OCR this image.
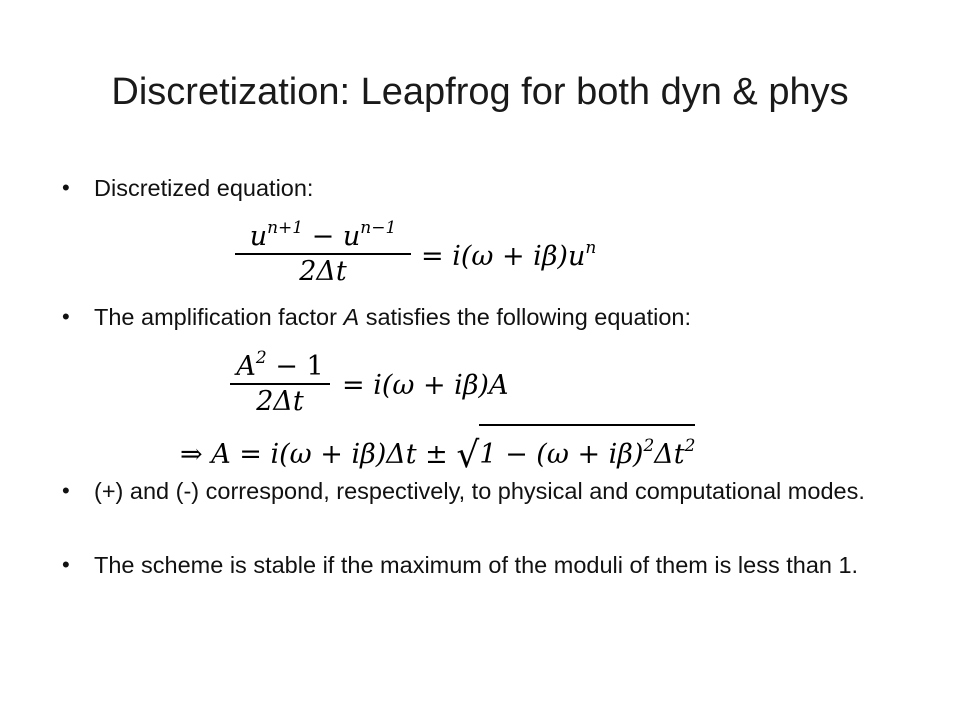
Discretization: Leapfrog for both dyn & phys
•	Discretized equation:
$u^{n+1} - u^{n-1}$
2Δt	= $i(\omega + i\beta)u^n$
•	The amplification factor A satisfies the following equation:
$A^2 - 1$
2Δt
= i(ω + iβ)A
⇒ $A = i(\omega + i\beta)\Delta t \pm √1 - (\omega + i\beta)^2\Delta t^2$
•	(+) and (-) correspond, respectively, to physical and computational modes.
•	The scheme is stable if the maximum of the moduli of them is less than 1.
